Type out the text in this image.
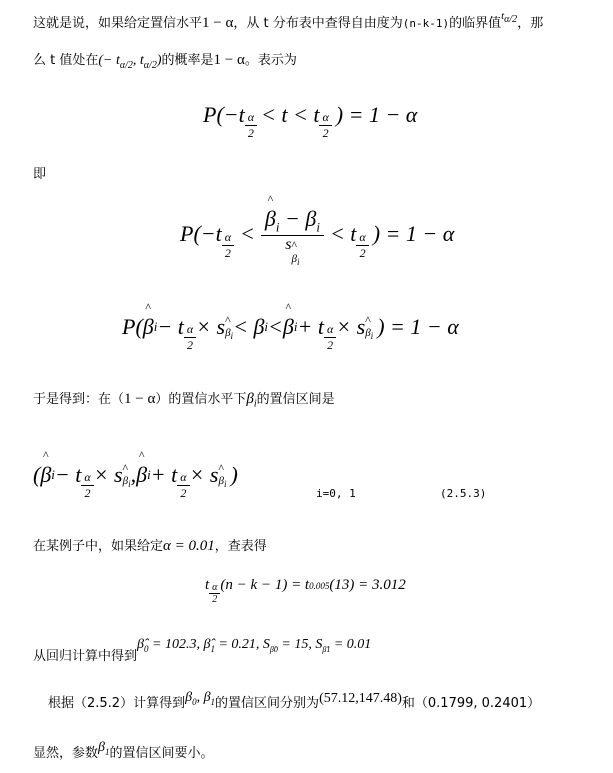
这就是说，如果给定置信水平1 − α，从 t 分布表中查得自由度为(n-k-1)的临界值$^{t_{\alpha/2}}$，那
么 t 值处在(− $t_{\alpha/2}$, $t_{\alpha/2}$)的概率是1 − α。表示为
$P(-t \frac{\alpha}{2} < t < t \frac{\alpha}{2}$ ) = 1 − α
即
$P(-t \frac{\alpha}{2}$ < ^ $\frac{\beta_i - \beta_i}{s\^{} _{\beta_i}} < t \frac{\alpha}{2}$ ) = 1 − α
P( ^ β i − t $\frac{\alpha}{2} \times s$ ^ $_{\beta_i}$ < β i < ^ β i + t $\frac{\alpha}{2} \times s$ ^ $_{\beta_i}$ ) = 1 − α
于是得到：在（1 − α）的置信水平下$\beta_i$的置信区间是
( ^ β i − t $\frac{\alpha}{2} \times s$ ^ $_{\beta_i}$ , ^ β i + t $\frac{\alpha}{2} \times s$ ^ $_{\beta_i}$ )
i=0, 1	(2.5.3)
在某例子中，如果给定α = 0.01，查表得
t $\frac{\alpha}{2} (n - k - 1) = t$ 0.005 (13) = 3.012
从回归计算中得到
$\betâ_0 = 102.3$, $\betâ_1 = 0.21$, $S_{\betâ0} = 15$, $S_{\betâ1} = 0.01$
根据（2.5.2）计算得到 $\beta_0$, $\beta_1$ 的置信区间分别为 (57.12,147.48) 和（0.1799, 0.2401）
显然，参数 $\beta_1$ 的置信区间要小。
